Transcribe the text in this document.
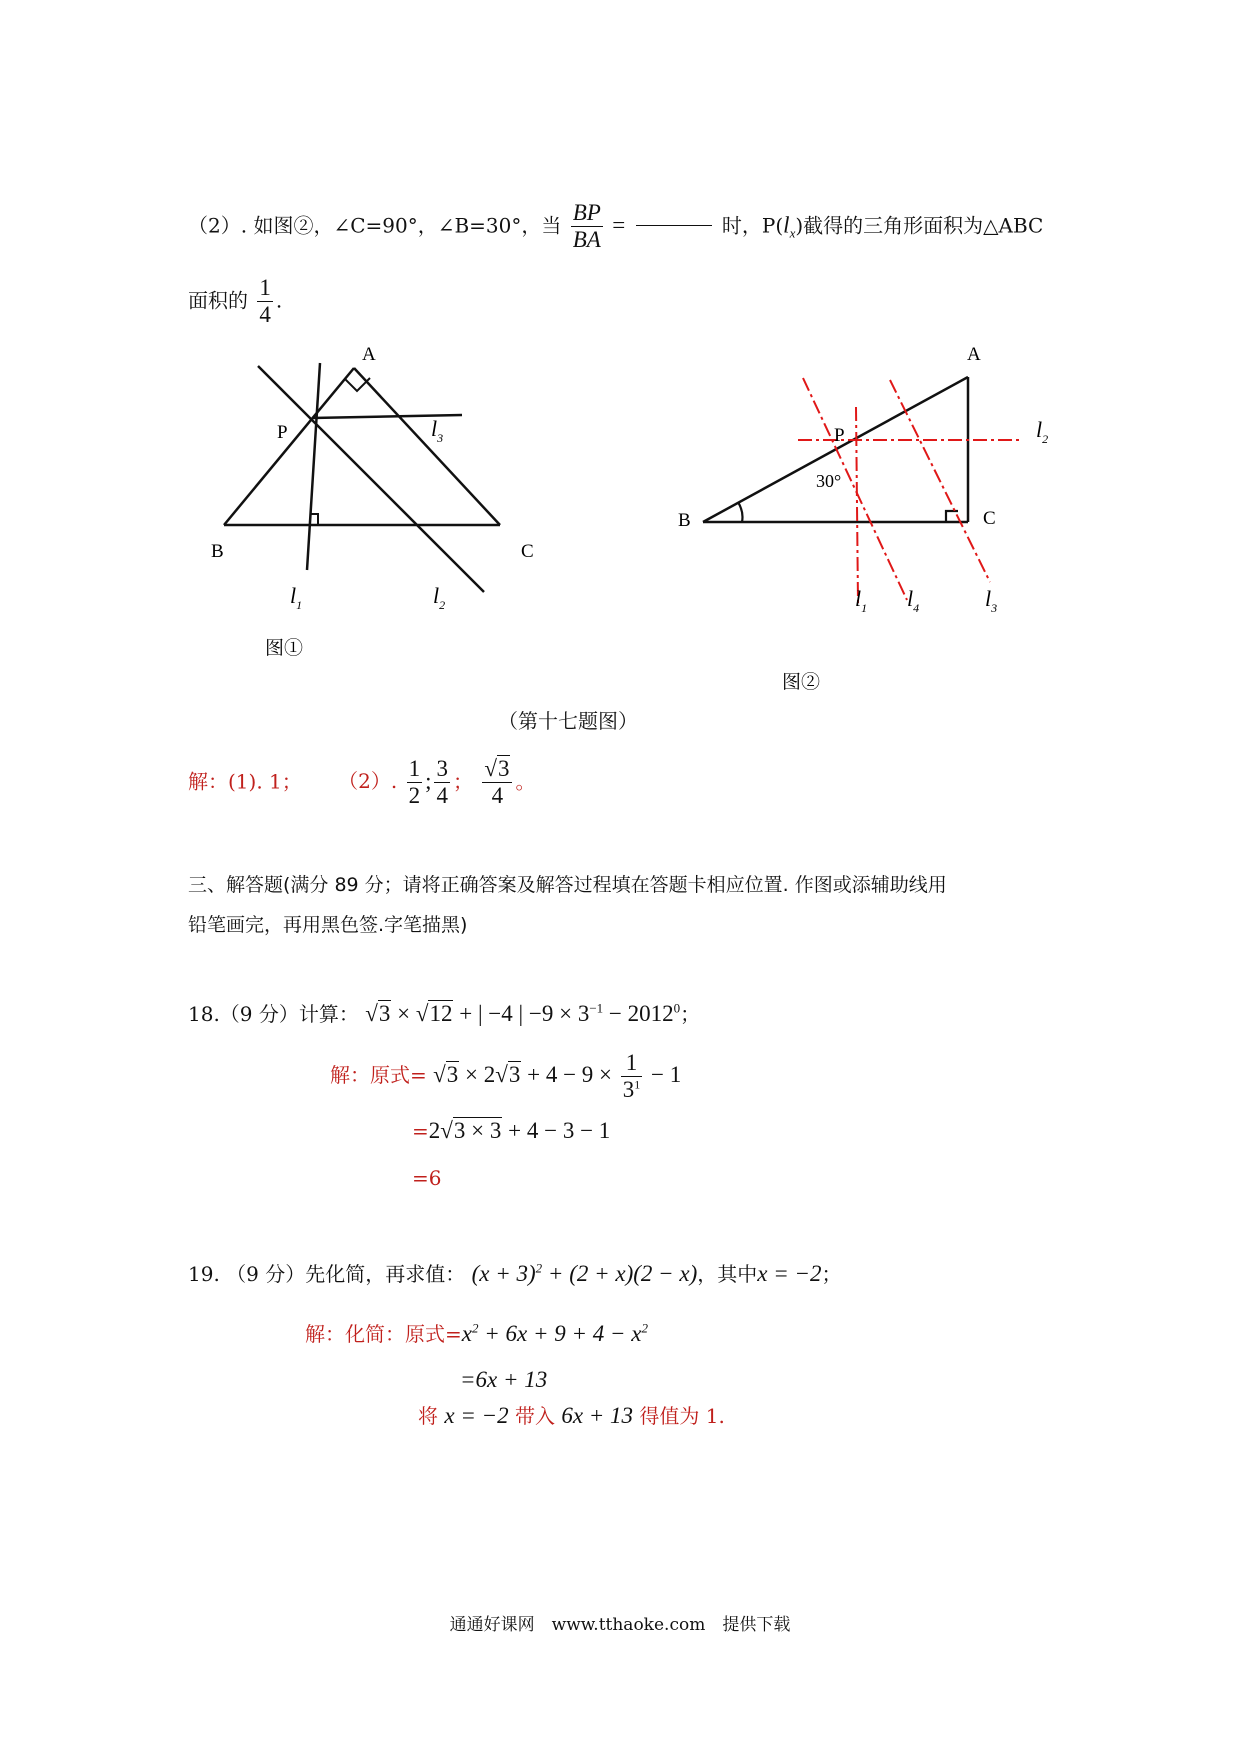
（2）. 如图②，∠C=90°，∠B=30°，当 $\frac{BP}{BA}$ =	时，$P(l_x)$截得的三角形面积为△ABC
面积的 $\frac{1}{4}$ .
A
P
B	C
$l_3$
$l_1$	$l_2$
图①
A
B	C
P
30°
$l_2$
$l_1$ $l_4$	$l_3$
图②
（第十七题图）
解：(1). 1； （2）. $\frac{1}{2}$ ; $\frac{3}{4}$ ； $\frac{√3}{4}$ 。
三、解答题(满分 89 分；请将正确答案及解答过程填在答题卡相应位置. 作图或添辅助线用
铅笔画完，再用黑色签.字笔描黑)
18.（9 分）计算： √3 × √12 + | −4 | $-9 \times 3^{-1} - 2012^0$；
解：原式= $√3 \times 2√3 + 4 - 9 \times \frac{1}{3^1} - 1$
=2√3 × 3 + 4 − 3 − 1
=6
19. （9 分）先化简，再求值： $(x + 3)^2 + (2 + x)(2 - x)$，其中x = −2；
解：化简：原式$=x^2 + 6x + 9 + 4 - x^2$
=6x + 13
将 x = −2 带入 6x + 13 得值为 1.
通通好课网　www.tthaoke.com　提供下载
